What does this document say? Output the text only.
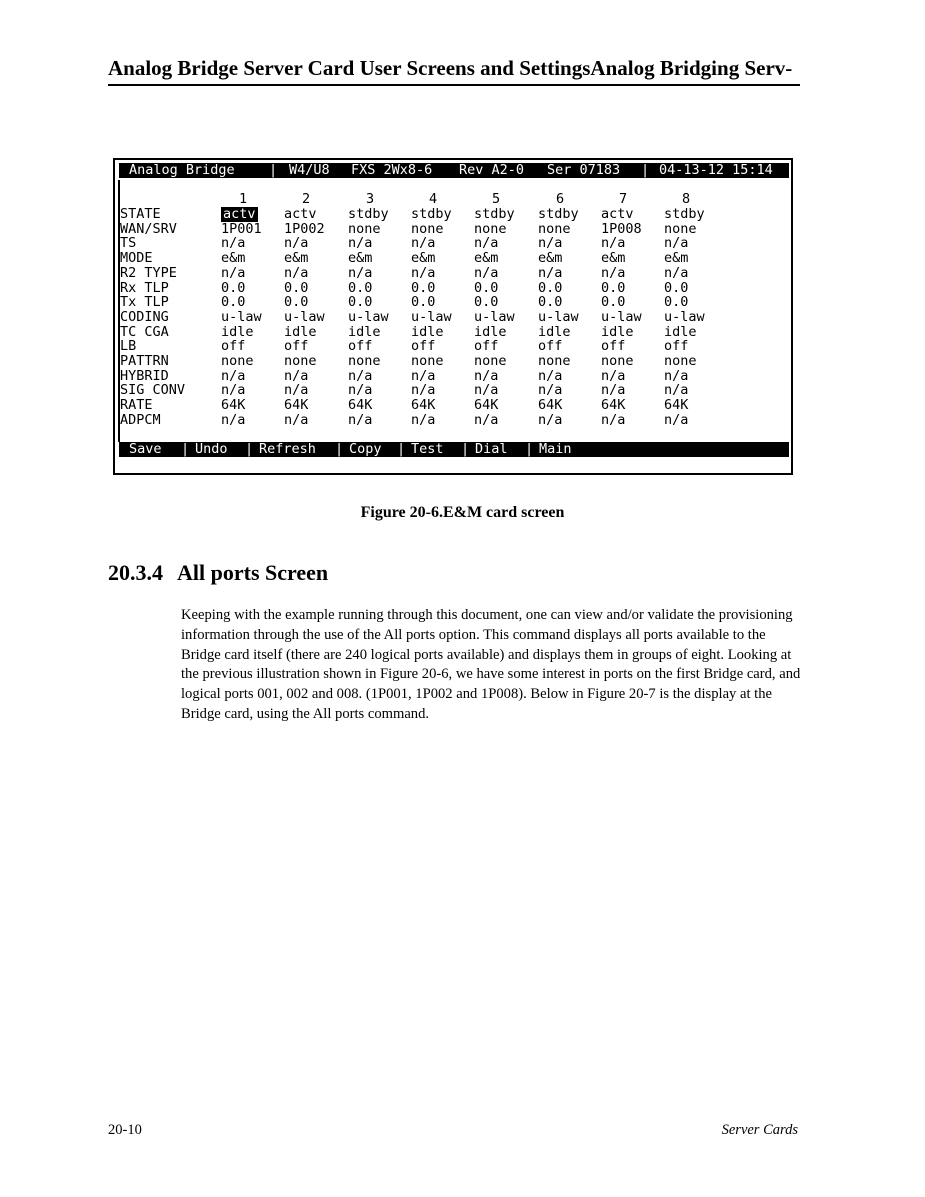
Analog Bridge Server Card User Screens and SettingsAnalog Bridging Serv-

Analog Bridge

	|

W4/U8

FXS 2Wx8-6

Rev A2-0

Ser 07183

|

04-13-12 15:14

1	2	3	4	5	6	7	8
STATE	actv actv stdby stdby stdby stdby actv stdby
WAN/SRV	1P001 1P002 none none none none 1P008 none
TS	n/a	n/a	n/a	n/a	n/a	n/a	n/a	n/a
MODE	e&m	e&m	e&m	e&m	e&m	e&m	e&m	e&m
R2 TYPE	n/a	n/a	n/a	n/a	n/a	n/a	n/a	n/a
Rx TLP	0.0	0.0	0.0	0.0	0.0	0.0	0.0	0.0
Tx TLP	0.0	0.0	0.0	0.0	0.0	0.0	0.0	0.0
CODING	u-law u-law u-law u-law u-law u-law u-law u-law
TC CGA	idle idle idle idle idle idle idle idle
LB	off	off	off	off	off	off	off	off
PATTRN	none none none none none none none none
HYBRID	n/a	n/a	n/a	n/a	n/a	n/a	n/a	n/a
SIG CONV	n/a	n/a	n/a	n/a	n/a	n/a	n/a	n/a
RATE	64K	64K	64K	64K	64K	64K	64K	64K
ADPCM	n/a	n/a	n/a	n/a	n/a	n/a	n/a	n/a
Save | Undo | Refresh | Copy | Test | Dial | Main
Figure 20-6.E&M card screen
20.3.4 All ports Screen
Keeping with the example running through this document, one can view and/or validate the provisioning information through the use of the All ports option. This command displays all ports available to the Bridge card itself (there are 240 logical ports available) and displays them in groups of eight. Looking at the previous illustration shown in Figure 20-6, we have some interest in ports on the first Bridge card, and logical ports 001, 002 and 008. (1P001, 1P002 and 1P008). Below in Figure 20-7 is the display at the Bridge card, using the All ports command.
20-10	Server Cards
